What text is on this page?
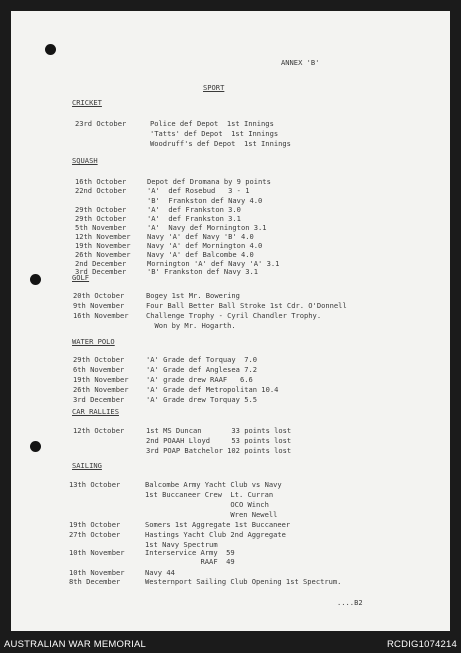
ANNEX 'B'
SPORT
CRICKET
23rd October	Police def Depot  1st Innings
'Tatts' def Depot  1st Innings
Woodruff's def Depot  1st Innings
SQUASH
16th October	Depot def Dromana by 9 points
22nd October	'A'  def Rosebud   3 - 1
'B'  Frankston def Navy 4.0
29th October	'A'  def Frankston 3.0
29th October	'A'  def Frankston 3.1
5th November	'A'  Navy def Mornington 3.1
12th November Navy 'A' def Navy 'B' 4.0
19th November Navy 'A' def Mornington 4.0
26th November Navy 'A' def Balcombe 4.0
2nd December	Mornington 'A' def Navy 'A' 3.1
3rd December	'B' Frankston def Navy 3.1
GOLF
20th October	Bogey 1st Mr. Bowering
9th November	Four Ball Better Ball Stroke 1st Cdr. O'Donnell
16th November Challenge Trophy - Cyril Chandler Trophy.
Won by Mr. Hogarth.
WATER POLO
29th October	'A' Grade def Torquay  7.0
6th November	'A' Grade def Anglesea 7.2
19th November 'A' grade drew RAAF   6.6
26th November 'A' Grade def Metropolitan 10.4
3rd December	'A' Grade drew Torquay 5.5
CAR RALLIES
12th October	1st MS Duncan       33 points lost
2nd POAAH Lloyd     53 points lost
3rd POAP Batchelor 102 points lost
SAILING
13th October	Balcombe Army Yacht Club vs Navy
1st Buccaneer Crew  Lt. Curran
OCO Winch
Wren Newell
19th October	Somers 1st Aggregate 1st Buccaneer
27th October	Hastings Yacht Club 2nd Aggregate
1st Navy Spectrum
10th November	Interservice Army  59
RAAF  49
10th November	Navy 44
8th December	Westernport Sailing Club Opening 1st Spectrum.
....B2
AUSTRALIAN WAR MEMORIAL	RCDIG1074214
